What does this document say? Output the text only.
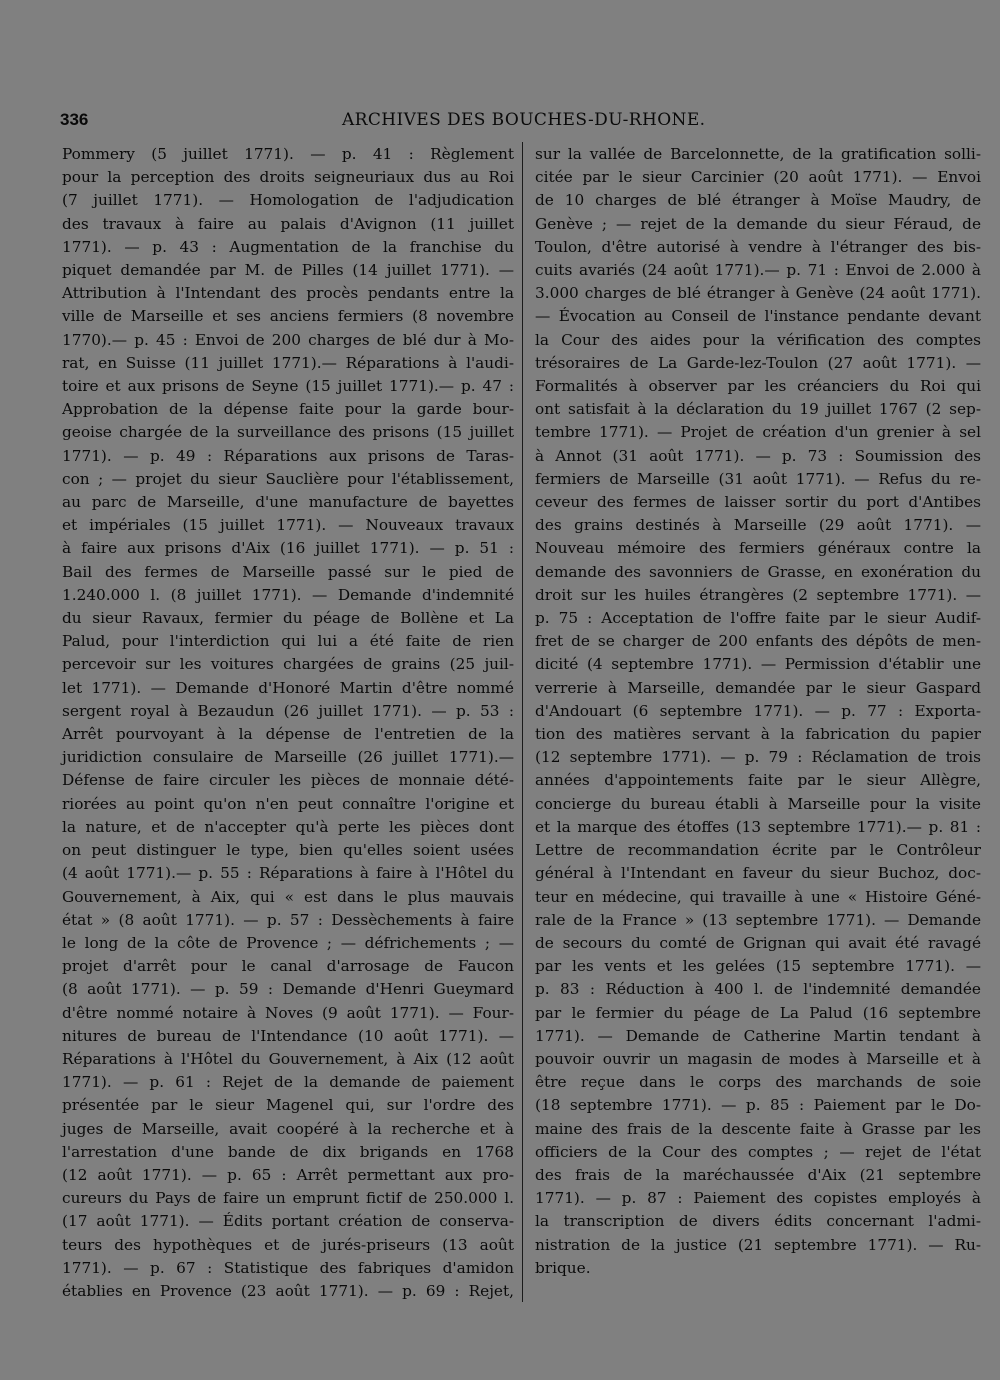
336	ARCHIVES DES BOUCHES-DU-RHONE.
Pommery (5 juillet 1771). — p. 41 : Règlement
pour la perception des droits seigneuriaux dus au Roi
(7 juillet 1771). — Homologation de l'adjudication
des travaux à faire au palais d'Avignon (11 juillet
1771). — p. 43 : Augmentation de la franchise du
piquet demandée par M. de Pilles (14 juillet 1771). —
Attribution à l'Intendant des procès pendants entre la
ville de Marseille et ses anciens fermiers (8 novembre
1770).— p. 45 : Envoi de 200 charges de blé dur à Mo-
rat, en Suisse (11 juillet 1771).— Réparations à l'audi-
toire et aux prisons de Seyne (15 juillet 1771).— p. 47 :
Approbation de la dépense faite pour la garde bour-
geoise chargée de la surveillance des prisons (15 juillet
1771). — p. 49 : Réparations aux prisons de Taras-
con ; — projet du sieur Sauclière pour l'établissement,
au parc de Marseille, d'une manufacture de bayettes
et impériales (15 juillet 1771). — Nouveaux travaux
à faire aux prisons d'Aix (16 juillet 1771). — p. 51 :
Bail des fermes de Marseille passé sur le pied de
1.240.000 l. (8 juillet 1771). — Demande d'indemnité
du sieur Ravaux, fermier du péage de Bollène et La
Palud, pour l'interdiction qui lui a été faite de rien
percevoir sur les voitures chargées de grains (25 juil-
let 1771). — Demande d'Honoré Martin d'être nommé
sergent royal à Bezaudun (26 juillet 1771). — p. 53 :
Arrêt pourvoyant à la dépense de l'entretien de la
juridiction consulaire de Marseille (26 juillet 1771).—
Défense de faire circuler les pièces de monnaie dété-
riorées au point qu'on n'en peut connaître l'origine et
la nature, et de n'accepter qu'à perte les pièces dont
on peut distinguer le type, bien qu'elles soient usées
(4 août 1771).— p. 55 : Réparations à faire à l'Hôtel du
Gouvernement, à Aix, qui « est dans le plus mauvais
état » (8 août 1771). — p. 57 : Dessèchements à faire
le long de la côte de Provence ; — défrichements ; —
projet d'arrêt pour le canal d'arrosage de Faucon
(8 août 1771). — p. 59 : Demande d'Henri Gueymard
d'être nommé notaire à Noves (9 août 1771). — Four-
nitures de bureau de l'Intendance (10 août 1771). —
Réparations à l'Hôtel du Gouvernement, à Aix (12 août
1771). — p. 61 : Rejet de la demande de paiement
présentée par le sieur Magenel qui, sur l'ordre des
juges de Marseille, avait coopéré à la recherche et à
l'arrestation d'une bande de dix brigands en 1768
(12 août 1771). — p. 65 : Arrêt permettant aux pro-
cureurs du Pays de faire un emprunt fictif de 250.000 l.
(17 août 1771). — Édits portant création de conserva-
teurs des hypothèques et de jurés-priseurs (13 août
1771). — p. 67 : Statistique des fabriques d'amidon
établies en Provence (23 août 1771). — p. 69 : Rejet,
sur la vallée de Barcelonnette, de la gratification solli-
citée par le sieur Carcinier (20 août 1771). — Envoi
de 10 charges de blé étranger à Moïse Maudry, de
Genève ; — rejet de la demande du sieur Féraud, de
Toulon, d'être autorisé à vendre à l'étranger des bis-
cuits avariés (24 août 1771).— p. 71 : Envoi de 2.000 à
3.000 charges de blé étranger à Genève (24 août 1771).
— Évocation au Conseil de l'instance pendante devant
la Cour des aides pour la vérification des comptes
trésoraires de La Garde-lez-Toulon (27 août 1771). —
Formalités à observer par les créanciers du Roi qui
ont satisfait à la déclaration du 19 juillet 1767 (2 sep-
tembre 1771). — Projet de création d'un grenier à sel
à Annot (31 août 1771). — p. 73 : Soumission des
fermiers de Marseille (31 août 1771). — Refus du re-
ceveur des fermes de laisser sortir du port d'Antibes
des grains destinés à Marseille (29 août 1771). —
Nouveau mémoire des fermiers généraux contre la
demande des savonniers de Grasse, en exonération du
droit sur les huiles étrangères (2 septembre 1771). —
p. 75 : Acceptation de l'offre faite par le sieur Audif-
fret de se charger de 200 enfants des dépôts de men-
dicité (4 septembre 1771). — Permission d'établir une
verrerie à Marseille, demandée par le sieur Gaspard
d'Andouart (6 septembre 1771). — p. 77 : Exporta-
tion des matières servant à la fabrication du papier
(12 septembre 1771). — p. 79 : Réclamation de trois
années d'appointements faite par le sieur Allègre,
concierge du bureau établi à Marseille pour la visite
et la marque des étoffes (13 septembre 1771).— p. 81 :
Lettre de recommandation écrite par le Contrôleur
général à l'Intendant en faveur du sieur Buchoz, doc-
teur en médecine, qui travaille à une « Histoire Géné-
rale de la France » (13 septembre 1771). — Demande
de secours du comté de Grignan qui avait été ravagé
par les vents et les gelées (15 septembre 1771). —
p. 83 : Réduction à 400 l. de l'indemnité demandée
par le fermier du péage de La Palud (16 septembre
1771). — Demande de Catherine Martin tendant à
pouvoir ouvrir un magasin de modes à Marseille et à
être reçue dans le corps des marchands de soie
(18 septembre 1771). — p. 85 : Paiement par le Do-
maine des frais de la descente faite à Grasse par les
officiers de la Cour des comptes ; — rejet de l'état
des frais de la maréchaussée d'Aix (21 septembre
1771). — p. 87 : Paiement des copistes employés à
la transcription de divers édits concernant l'admi-
nistration de la justice (21 septembre 1771). — Ru-
brique.
